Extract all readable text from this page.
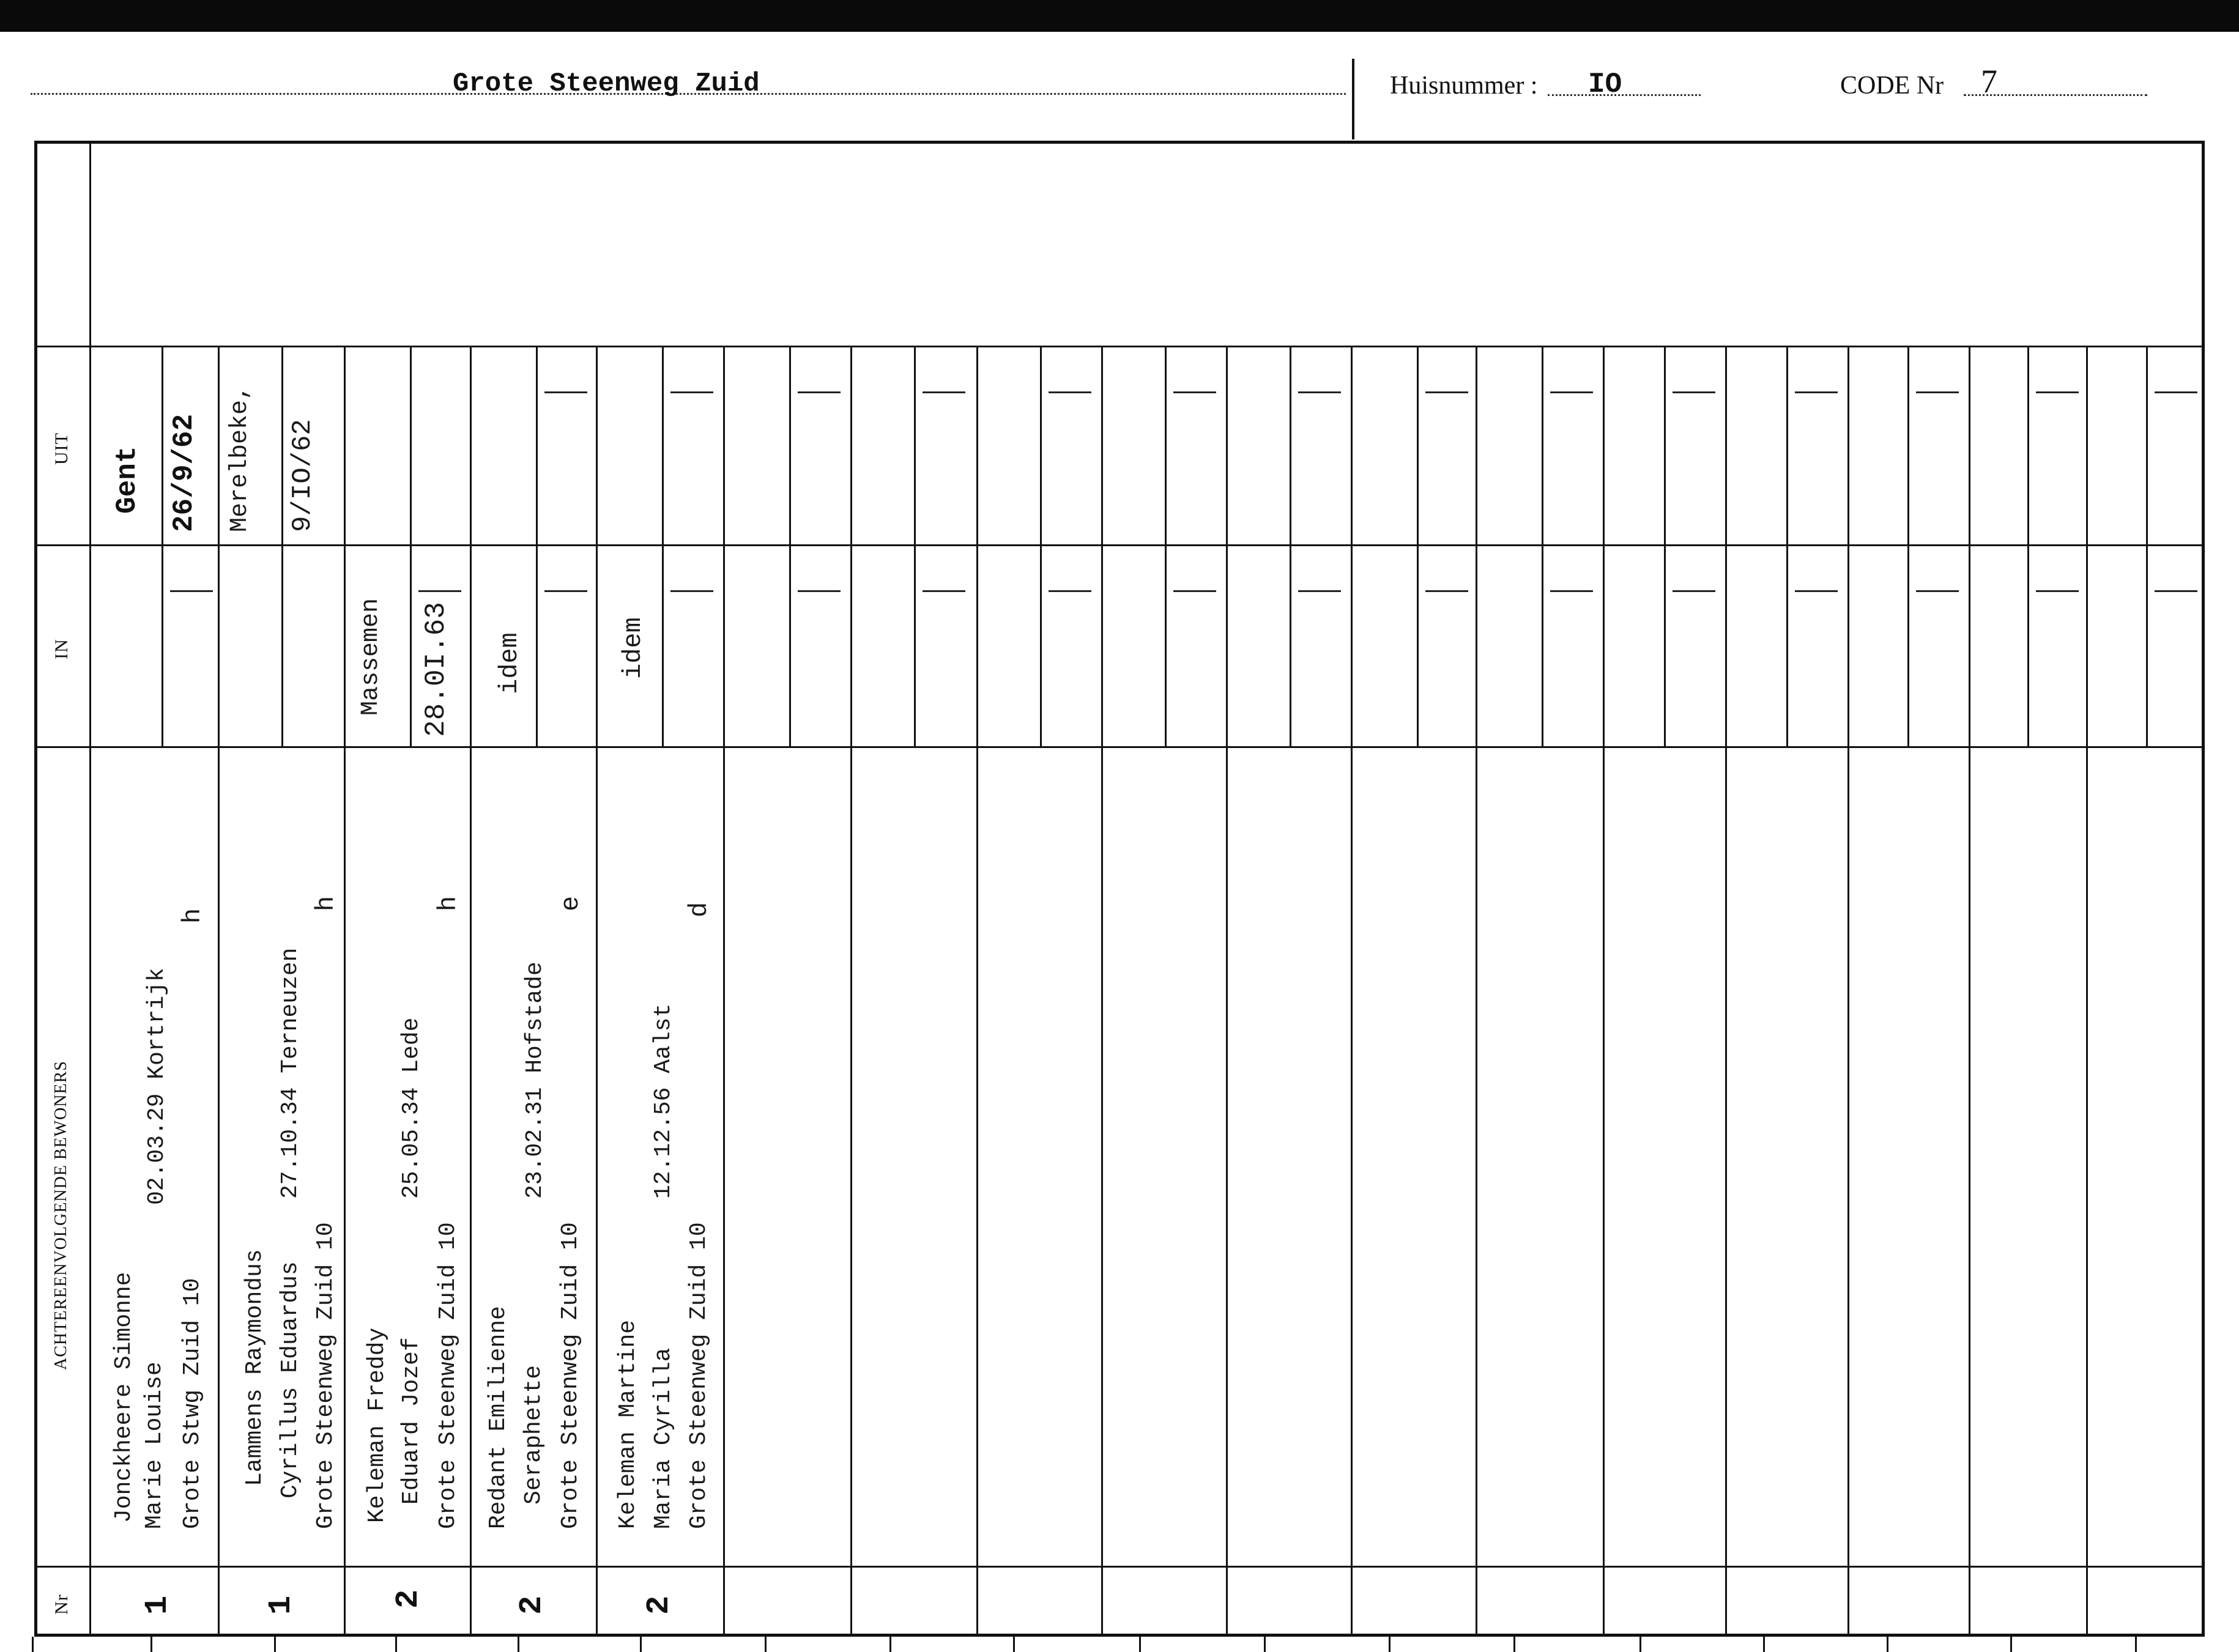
Grote Steenweg Zuid	Huisnummer : IO	CODE Nr 7
UIT
IN
ACHTEREENVOLGENDE BEWONERS
Nr
Gent 26/9/62
Jonckheere Simonne Marie Louise
02.03.29 Kortrijk
Grote Stwg Zuid 10
h
1
Merelbeke, 9/IO/62
Lammens Raymondus Cyrillus Eduardus
27.10.34 Terneuzen
Grote Steenweg Zuid 10
h
1
Massemen 28.0I.63
Keleman Freddy Eduard Jozef
25.05.34 Lede
Grote Steenweg Zuid 10
h
2
idem
Redant Emilienne Seraphette
23.02.31 Hofstade
Grote Steenweg Zuid 10
e
2
idem
Keleman Martine Maria Cyrilla
12.12.56 Aalst
Grote Steenweg Zuid 10
d
2
